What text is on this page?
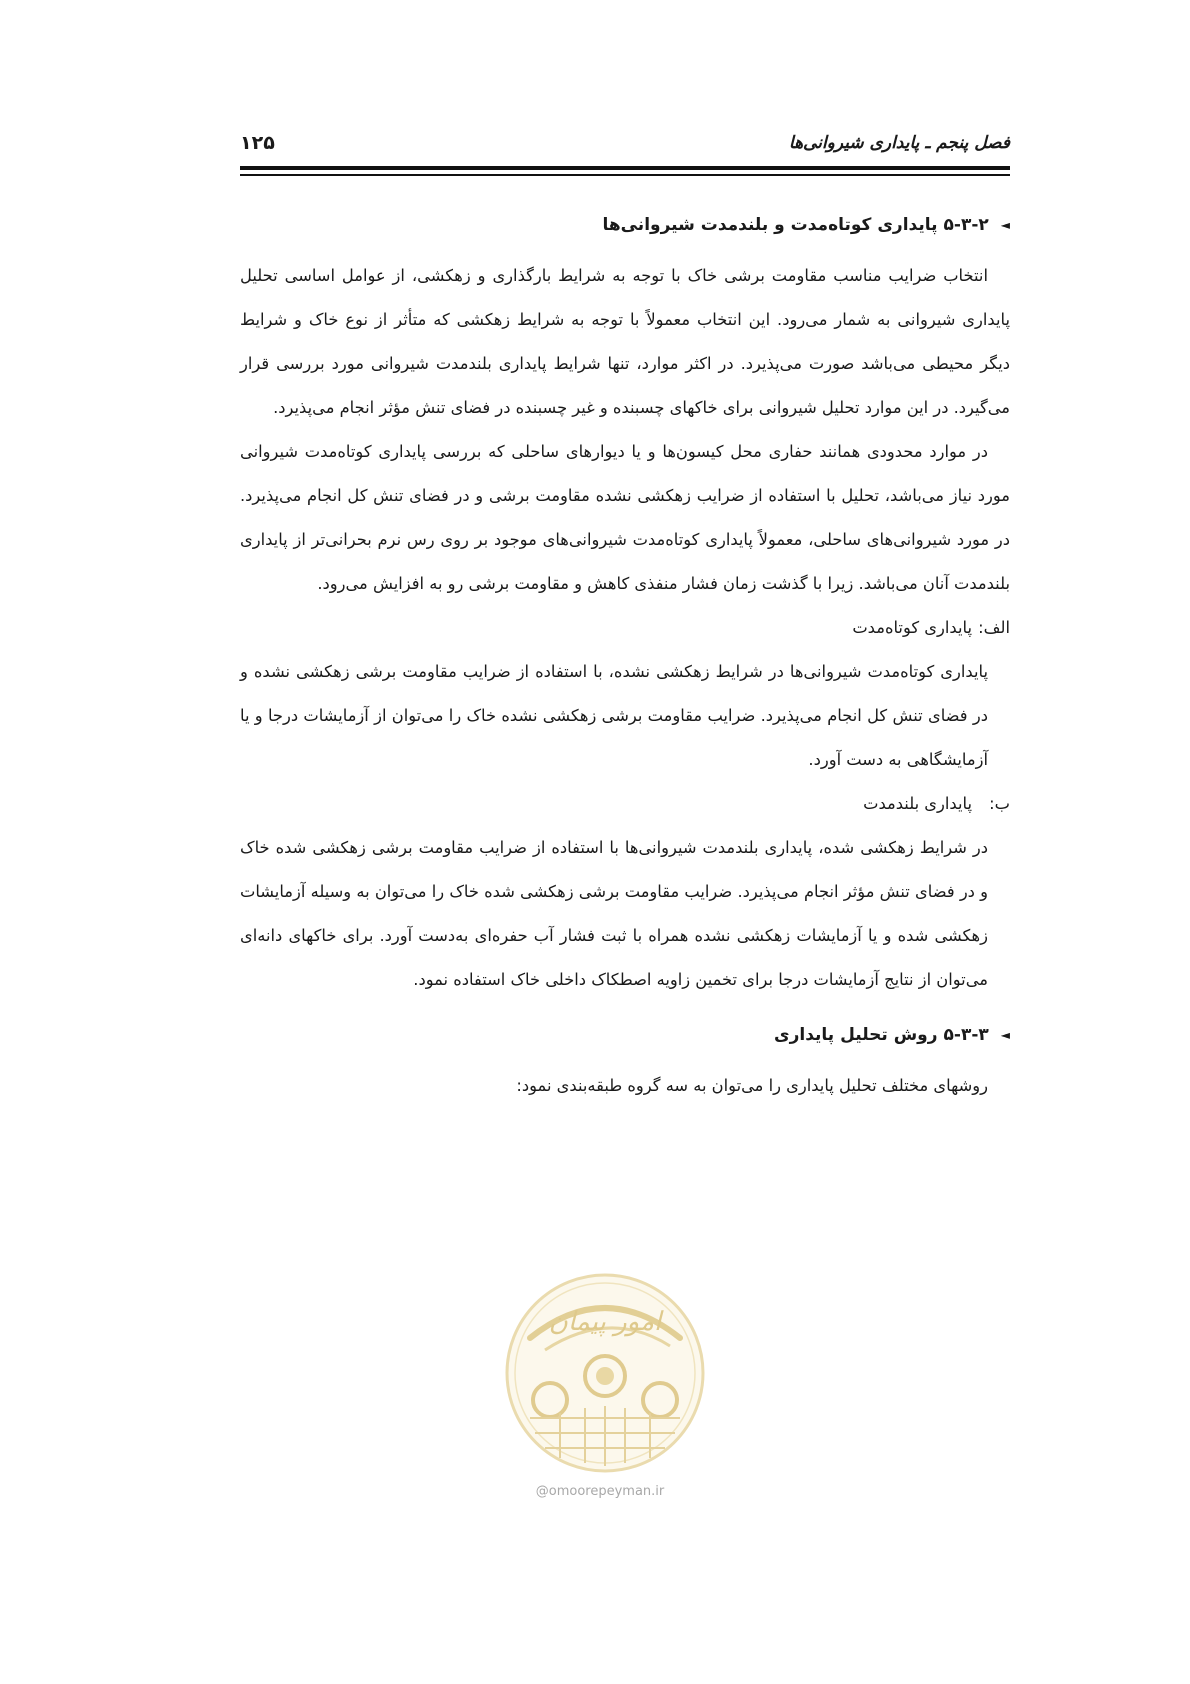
فصل پنجم ـ پایداری شیروانی‌ها
۱۲۵
◄۵-۳-۲پایداری کوتاه‌مدت و بلندمدت شیروانی‌ها

انتخاب ضرایب مناسب مقاومت برشی خاک با توجه به شرایط بارگذاری و زهکشی، از عوامل اساسی تحلیل پایداری شیروانی به شمار می‌رود. این انتخاب معمولاً با توجه به شرایط زهکشی که متأثر از نوع خاک و شرایط دیگر محیطی می‌باشد صورت می‌پذیرد. در اکثر موارد، تنها شرایط پایداری بلندمدت شیروانی مورد بررسی قرار می‌گیرد. در این موارد تحلیل شیروانی برای خاکهای چسبنده و غیر چسبنده در فضای تنش مؤثر انجام می‌پذیرد.

در موارد محدودی همانند حفاری محل کیسون‌ها و یا دیوارهای ساحلی که بررسی پایداری کوتاه‌مدت شیروانی مورد نیاز می‌باشد، تحلیل با استفاده از ضرایب زهکشی نشده مقاومت برشی و در فضای تنش کل انجام می‌پذیرد. در مورد شیروانی‌های ساحلی، معمولاً پایداری کوتاه‌مدت شیروانی‌های موجود بر روی رس نرم بحرانی‌تر از پایداری بلندمدت آنان می‌باشد. زیرا با گذشت زمان فشار منفذی کاهش و مقاومت برشی رو به افزایش می‌رود.

الف:پایداری کوتاه‌مدت

پایداری کوتاه‌مدت شیروانی‌ها در شرایط زهکشی نشده، با استفاده از ضرایب مقاومت برشی زهکشی نشده و در فضای تنش کل انجام می‌پذیرد. ضرایب مقاومت برشی زهکشی نشده خاک را می‌توان از آزمایشات درجا و یا آزمایشگاهی به دست آورد.

ب:پایداری بلندمدت

در شرایط زهکشی شده، پایداری بلندمدت شیروانی‌ها با استفاده از ضرایب مقاومت برشی زهکشی شده خاک و در فضای تنش مؤثر انجام می‌پذیرد. ضرایب مقاومت برشی زهکشی شده خاک را می‌توان به وسیله آزمایشات زهکشی شده و یا آزمایشات زهکشی نشده همراه با ثبت فشار آب حفره‌ای به‌دست آورد. برای خاکهای دانه‌ای می‌توان از نتایج آزمایشات درجا برای تخمین زاویه اصطکاک داخلی خاک استفاده نمود.

◄۵-۳-۳روش تحلیل پایداری

روشهای مختلف تحلیل پایداری را می‌توان به سه گروه طبقه‌بندی نمود:

امور پیمان
@omoorepeyman.ir
